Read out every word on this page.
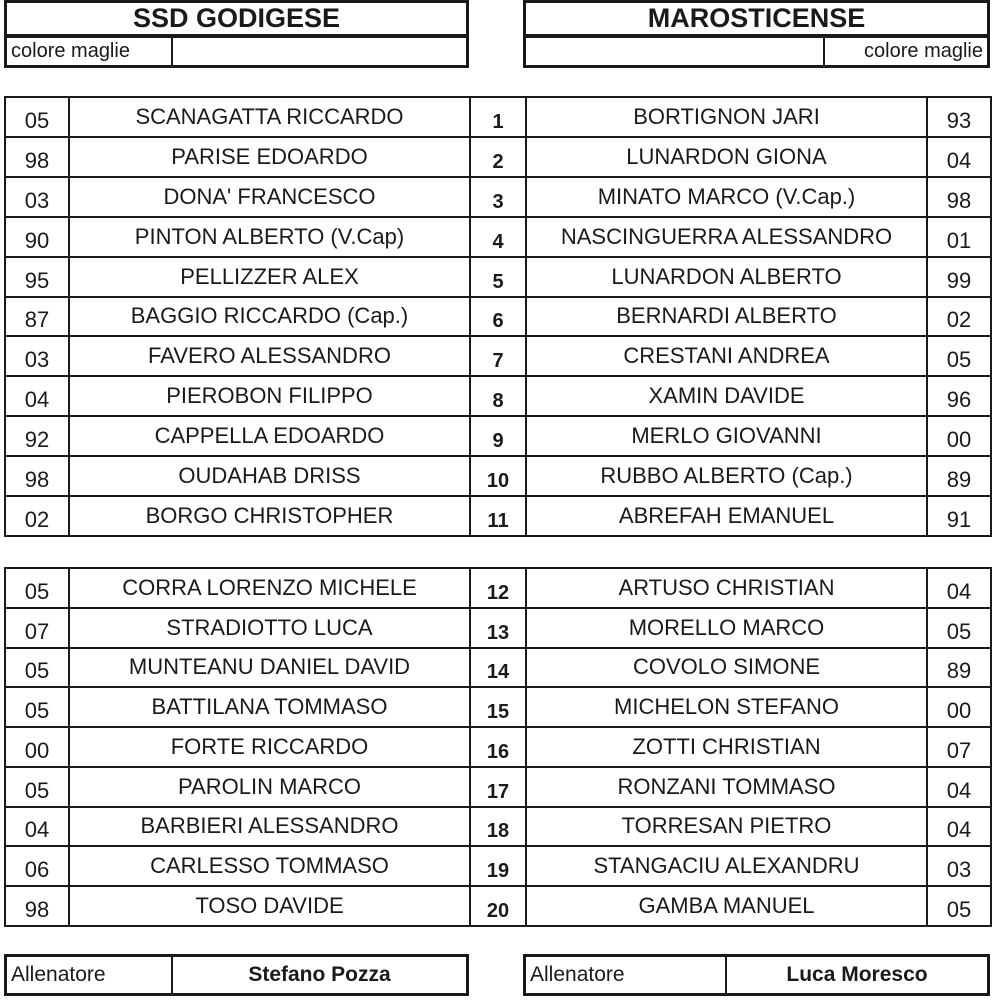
SSD GODIGESE
colore maglie
MAROSTICENSE
colore maglie
05	SCANAGATTA RICCARDO	1	BORTIGNON JARI	93
98	PARISE EDOARDO	2	LUNARDON GIONA	04
03	DONA' FRANCESCO	3	MINATO MARCO (V.Cap.)	98
90	PINTON ALBERTO (V.Cap)	4	NASCINGUERRA ALESSANDRO	01
95	PELLIZZER ALEX	5	LUNARDON ALBERTO	99
87	BAGGIO RICCARDO (Cap.)	6	BERNARDI ALBERTO	02
03	FAVERO ALESSANDRO	7	CRESTANI ANDREA	05
04	PIEROBON FILIPPO	8	XAMIN DAVIDE	96
92	CAPPELLA EDOARDO	9	MERLO GIOVANNI	00
98	OUDAHAB DRISS	10	RUBBO ALBERTO (Cap.)	89
02	BORGO CHRISTOPHER	11	ABREFAH EMANUEL	91
05	CORRA LORENZO MICHELE	12	ARTUSO CHRISTIAN	04
07	STRADIOTTO LUCA	13	MORELLO MARCO	05
05	MUNTEANU DANIEL DAVID	14	COVOLO SIMONE	89
05	BATTILANA TOMMASO	15	MICHELON STEFANO	00
00	FORTE RICCARDO	16	ZOTTI CHRISTIAN	07
05	PAROLIN MARCO	17	RONZANI TOMMASO	04
04	BARBIERI ALESSANDRO	18	TORRESAN PIETRO	04
06	CARLESSO TOMMASO	19	STANGACIU ALEXANDRU	03
98	TOSO DAVIDE	20	GAMBA MANUEL	05
Allenatore	Stefano Pozza	Allenatore	Luca Moresco
